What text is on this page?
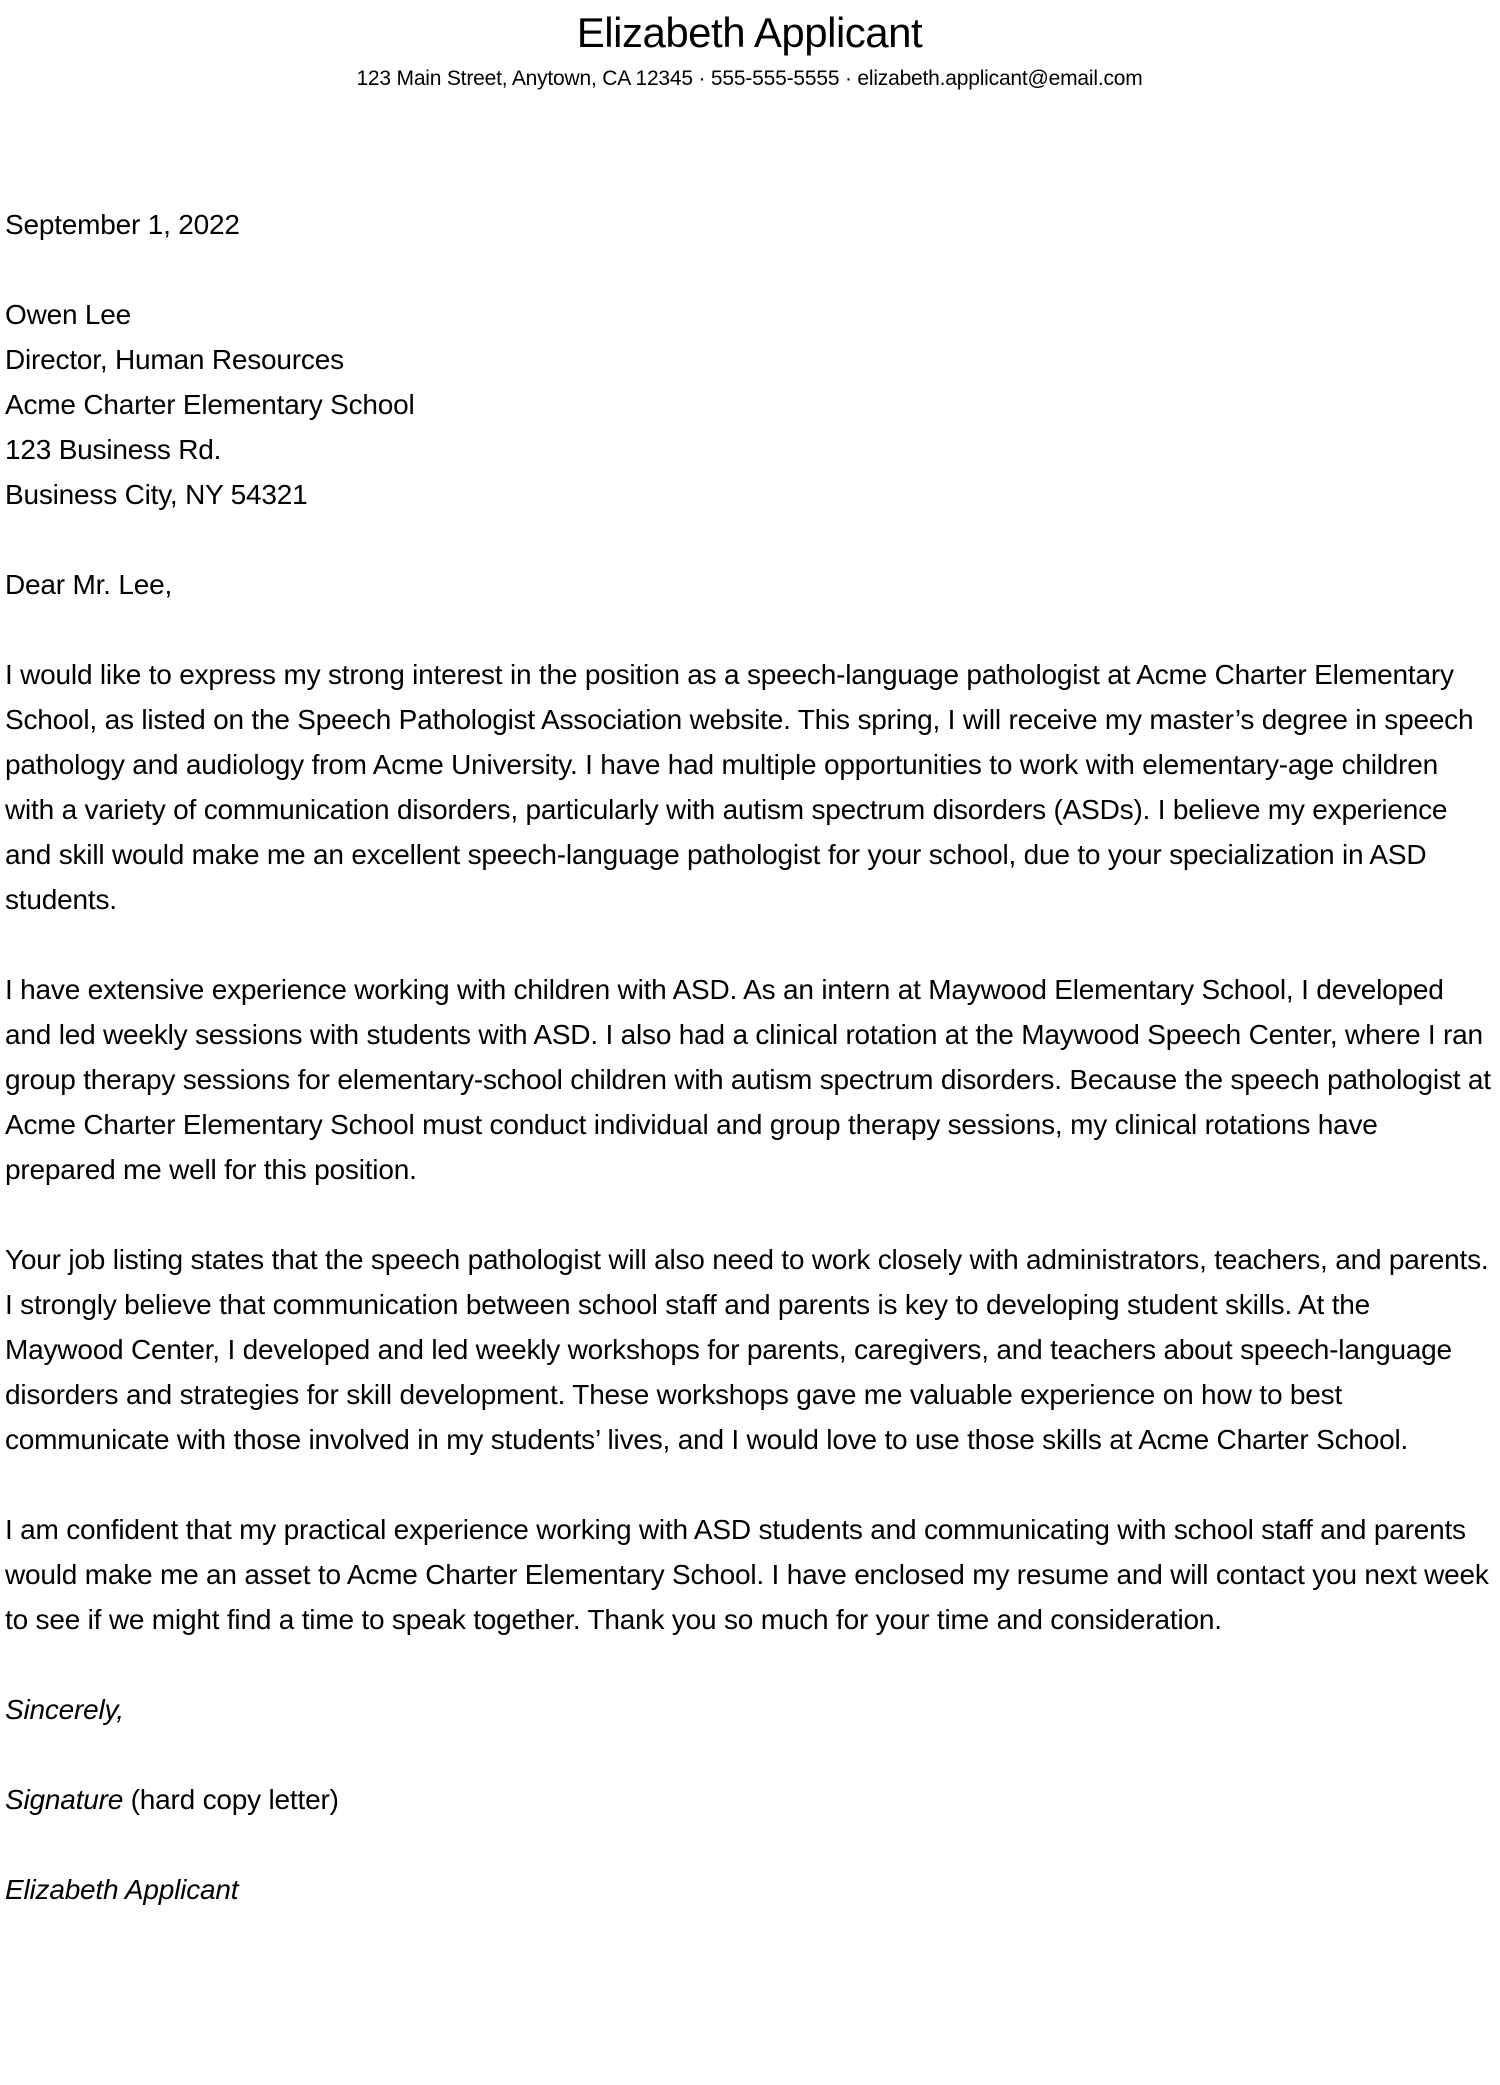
Elizabeth Applicant

123 Main Street, Anytown, CA 12345 · 555-555-5555 · elizabeth.applicant@email.com

September 1, 2022

Owen Lee

Director, Human Resources

Acme Charter Elementary School

123 Business Rd.

Business City, NY 54321

Dear Mr. Lee,

I would like to express my strong interest in the position as a speech-language pathologist at Acme Charter Elementary School, as listed on the Speech Pathologist Association website. This spring, I will receive my master’s degree in speech pathology and audiology from Acme University. I have had multiple opportunities to work with elementary-age children with a variety of communication disorders, particularly with autism spectrum disorders (ASDs). I believe my experience and skill would make me an excellent speech-language pathologist for your school, due to your specialization in ASD students.

I have extensive experience working with children with ASD. As an intern at Maywood Elementary School, I developed and led weekly sessions with students with ASD. I also had a clinical rotation at the Maywood Speech Center, where I ran group therapy sessions for elementary-school children with autism spectrum disorders. Because the speech pathologist at Acme Charter Elementary School must conduct individual and group therapy sessions, my clinical rotations have prepared me well for this position.

Your job listing states that the speech pathologist will also need to work closely with administrators, teachers, and parents. I strongly believe that communication between school staff and parents is key to developing student skills. At the Maywood Center, I developed and led weekly workshops for parents, caregivers, and teachers about speech-language disorders and strategies for skill development. These workshops gave me valuable experience on how to best communicate with those involved in my students’ lives, and I would love to use those skills at Acme Charter School.

I am confident that my practical experience working with ASD students and communicating with school staff and parents would make me an asset to Acme Charter Elementary School. I have enclosed my resume and will contact you next week to see if we might find a time to speak together. Thank you so much for your time and consideration.

Sincerely,

Signature (hard copy letter)

Elizabeth Applicant
